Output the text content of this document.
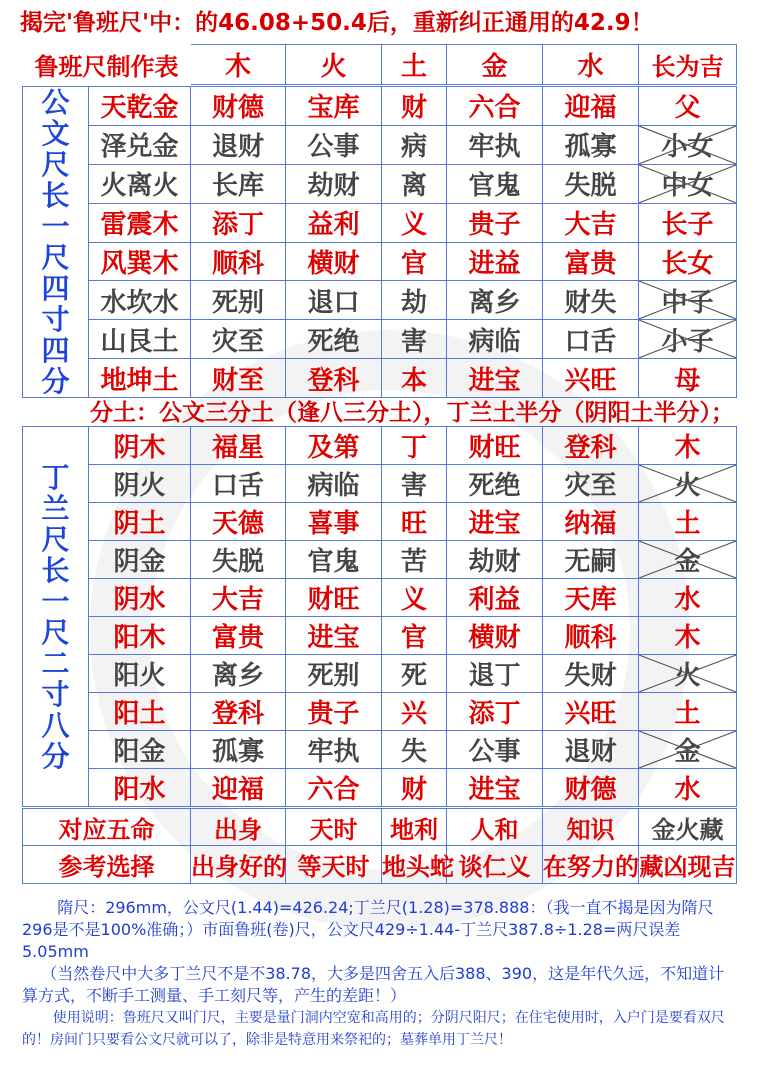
揭完'鲁班尺'中：的46.08+50.4后，重新纠正通用的42.9！
鲁班尺制作表	木	火	土	金	水	长为吉
公文尺长一尺四寸四分	天乾金	财德	宝库	财	六合	迎福	父
	泽兑金	退财	公事	病	牢执	孤寡	小女

	火离火	长库	劫财	离	官鬼	失脱	中女

	雷震木	添丁	益利	义	贵子	大吉	长子
	风巽木	顺科	横财	官	进益	富贵	长女
	水坎水	死别	退口	劫	离乡	财失	中子

	山艮土	灾至	死绝	害	病临	口舌	小子

	地坤土	财至	登科	本	进宝	兴旺	母
分土：公文三分土（逢八三分土），丁兰土半分（阴阳土半分）；
丁兰尺长一尺二寸八分	阴木	福星	及第	丁	财旺	登科	木
	阴火	口舌	病临	害	死绝	灾至	火

	阴土	天德	喜事	旺	进宝	纳福	土
	阴金	失脱	官鬼	苦	劫财	无嗣	金

	阴水	大吉	财旺	义	利益	天库	水
	阳木	富贵	进宝	官	横财	顺科	木
	阳火	离乡	死别	死	退丁	失财	火

	阳土	登科	贵子	兴	添丁	兴旺	土
	阳金	孤寡	牢执	失	公事	退财	金

	阳水	迎福	六合	财	进宝	财德	水
对应五命	出身	天时	地利	人和	知识	金火藏
参考选择	出身好的	等天时	地头蛇	谈仁义	在努力的	藏凶现吉

隋尺：296mm，公文尺(1.44)=426.24;丁兰尺(1.28)=378.888：（我一直不揭是因为隋尺296是不是100%准确；）市面鲁班(卷)尺，公文尺429÷1.44-丁兰尺387.8÷1.28=两尺误差5.05mm

（当然卷尺中大多丁兰尺不是不38.78，大多是四舍五入后388、390，这是年代久远，不知道计算方式，不断手工测量、手工刻尺等，产生的差距！）

使用说明：鲁班尺又叫门尺，主要是量门洞内空宽和高用的；分阴尺阳尺；在住宅使用时，入户门是要看双尺的！房间门只要看公文尺就可以了，除非是特意用来祭祀的；墓葬单用丁兰尺！
